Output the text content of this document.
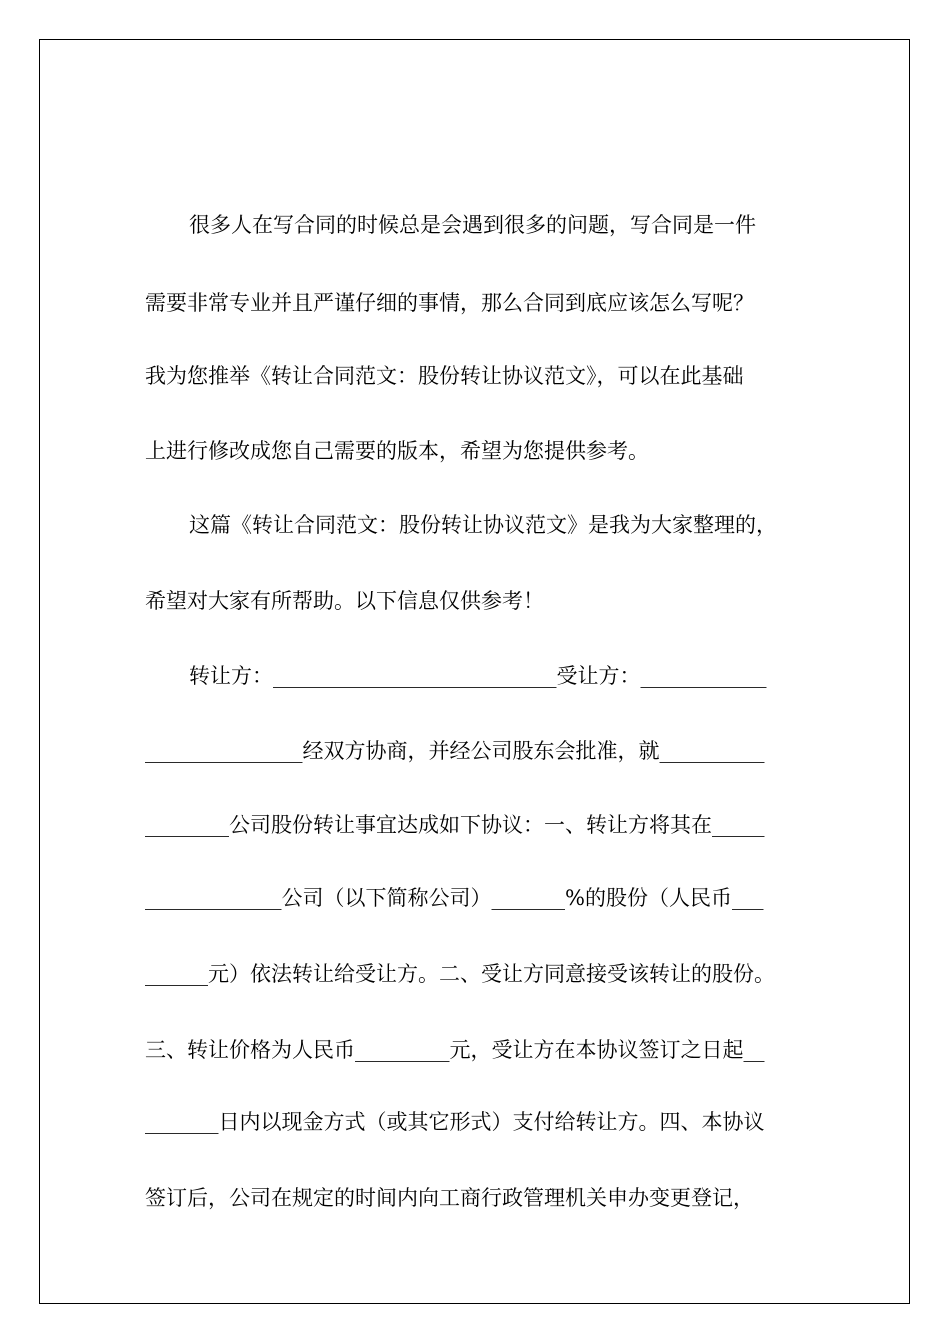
很多人在写合同的时候总是会遇到很多的问题，写合同是一件
需要非常专业并且严谨仔细的事情，那么合同到底应该怎么写呢？
我为您推举《转让合同范文：股份转让协议范文》，可以在此基础
上进行修改成您自己需要的版本，希望为您提供参考。
这篇《转让合同范文：股份转让协议范文》是我为大家整理的，
希望对大家有所帮助。以下信息仅供参考！
转让方：___________________________受让方：____________
_______________经双方协商，并经公司股东会批准，就__________
________公司股份转让事宜达成如下协议：一、转让方将其在_____
_____________公司（以下简称公司）_______%的股份（人民币___
______元）依法转让给受让方。二、受让方同意接受该转让的股份。
三、转让价格为人民币_________元，受让方在本协议签订之日起__
_______日内以现金方式（或其它形式）支付给转让方。四、本协议
签订后，公司在规定的时间内向工商行政管理机关申办变更登记，
